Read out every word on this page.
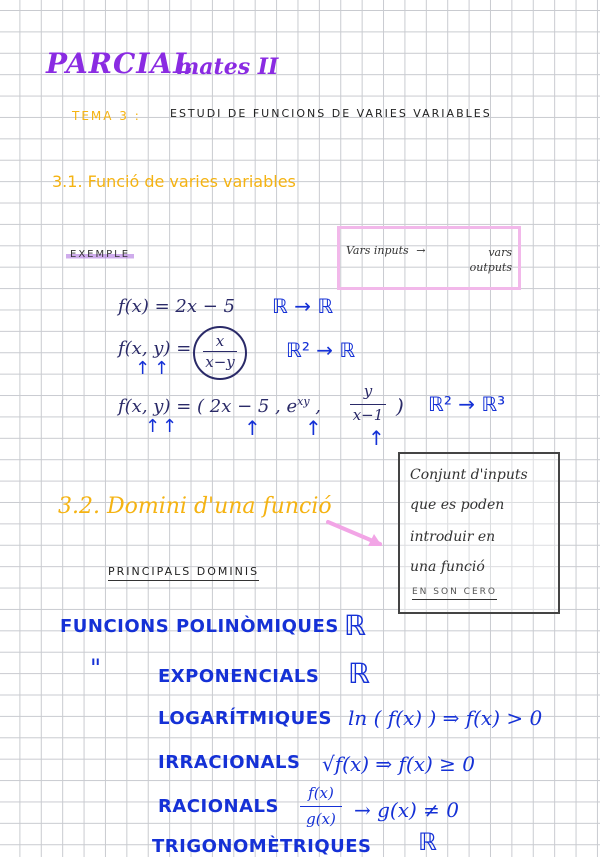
PARCIAL
mates II
TEMA 3 :	ESTUDI DE FUNCIONS DE VARIES VARIABLES
3.1. Funció de varies variables
EXEMPLE	Vars inputs →	vars outputs
f(x) = 2x − 5 ℝ → ℝ
f(x, y) =	x
x−y	ℝ² → ℝ
↑ ↑
f(x, y) = ( 2x − 5 , $e^{xy}$ ,
y
x−1 ) ℝ² → ℝ³
↑ ↑	↑ ↑ ↑
3.2. Domini d'una funció
Conjunt d'inputs
que es poden
introduir en
una funció
EN SON CERO
PRINCIPALS DOMINIS
FUNCIONS POLINÒMIQUES ℝ
"	EXPONENCIALS ℝ
LOGARÍTMIQUES ln ( f(x) ) ⇒ f(x) > 0
IRRACIONALS √f(x) ⇒ f(x) ≥ 0
RACIONALS
f(x)
g(x) → g(x) ≠ 0
TRIGONOMÈTRIQUES ℝ
